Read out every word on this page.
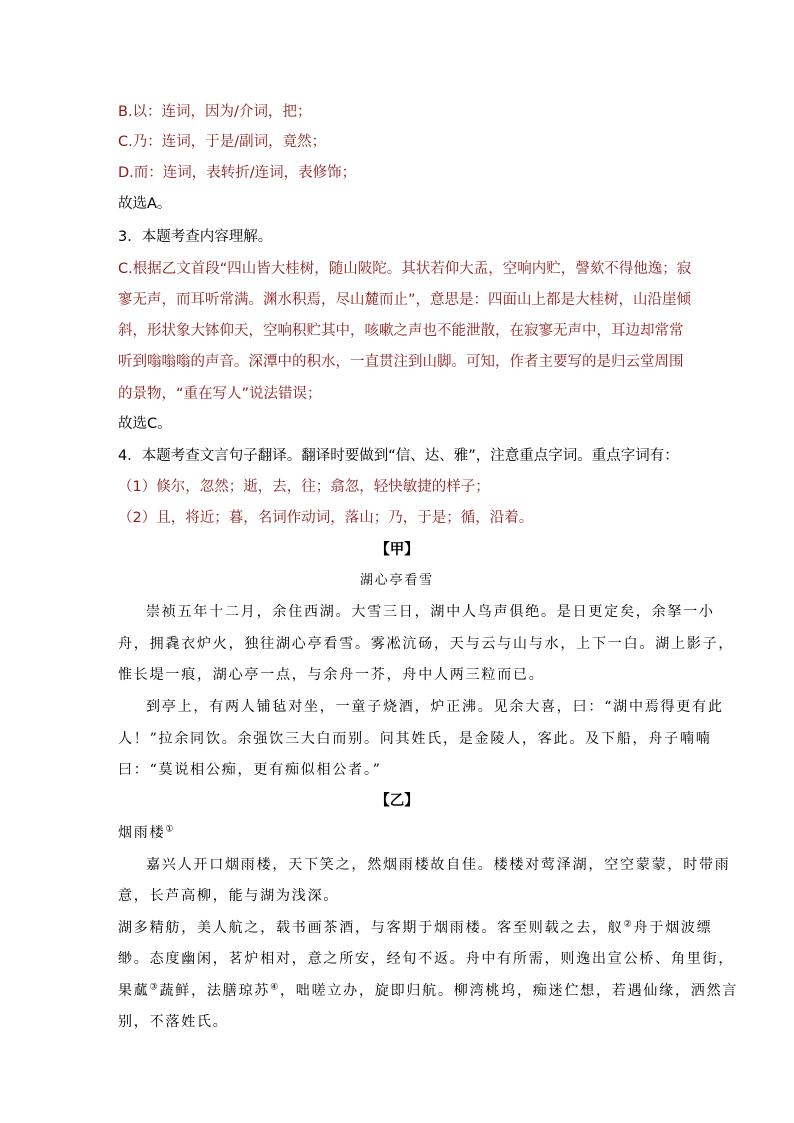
B.以：连词，因为/介词，把；
C.乃：连词，于是/副词，竟然；
D.而：连词，表转折/连词，表修饰；
故选A。
3．本题考查内容理解。
C.根据乙文首段“四山皆大桂树，随山陂陀。其状若仰大盂，空响内贮，謦欬不得他逸；寂
寥无声，而耳听常满。渊水积焉，尽山麓而止”，意思是：四面山上都是大桂树，山沿崖倾
斜，形状象大钵仰天，空响积贮其中，咳嗽之声也不能泄散，在寂寥无声中，耳边却常常
听到嗡嗡嗡的声音。深潭中的积水，一直贯注到山脚。可知，作者主要写的是归云堂周围
的景物，“重在写人”说法错误；
故选C。
4．本题考查文言句子翻译。翻译时要做到“信、达、雅”，注意重点字词。重点字词有：
（1）倏尔，忽然；逝，去，往；翕忽，轻快敏捷的样子；
（2）且，将近；暮，名词作动词，落山；乃，于是；循，沿着。
【甲】
湖心亭看雪
崇祯五年十二月，余住西湖。大雪三日，湖中人鸟声俱绝。是日更定矣，余拏一小
舟，拥毳衣炉火，独往湖心亭看雪。雾凇沆砀，天与云与山与水，上下一白。湖上影子，
惟长堤一痕，湖心亭一点，与余舟一芥，舟中人两三粒而已。
到亭上，有两人铺毡对坐，一童子烧酒，炉正沸。见余大喜，曰：“湖中焉得更有此
人！”拉余同饮。余强饮三大白而别。问其姓氏，是金陵人，客此。及下船，舟子喃喃
曰：“莫说相公痴，更有痴似相公者。”
【乙】
烟雨楼①
嘉兴人开口烟雨楼，天下笑之，然烟雨楼故自佳。楼楼对莺泽湖，空空蒙蒙，时带雨
意，长芦高柳，能与湖为浅深。
湖多精舫，美人航之，载书画茶酒，与客期于烟雨楼。客至则载之去，舣②舟于烟波缥
缈。态度幽闲，茗炉相对，意之所安，经旬不返。舟中有所需，则逸出宣公桥、角里街，
果蓏③蔬鲜，法膳琼苏④，咄嗟立办，旋即归航。柳湾桃坞，痴迷伫想，若遇仙缘，洒然言
别，不落姓氏。
